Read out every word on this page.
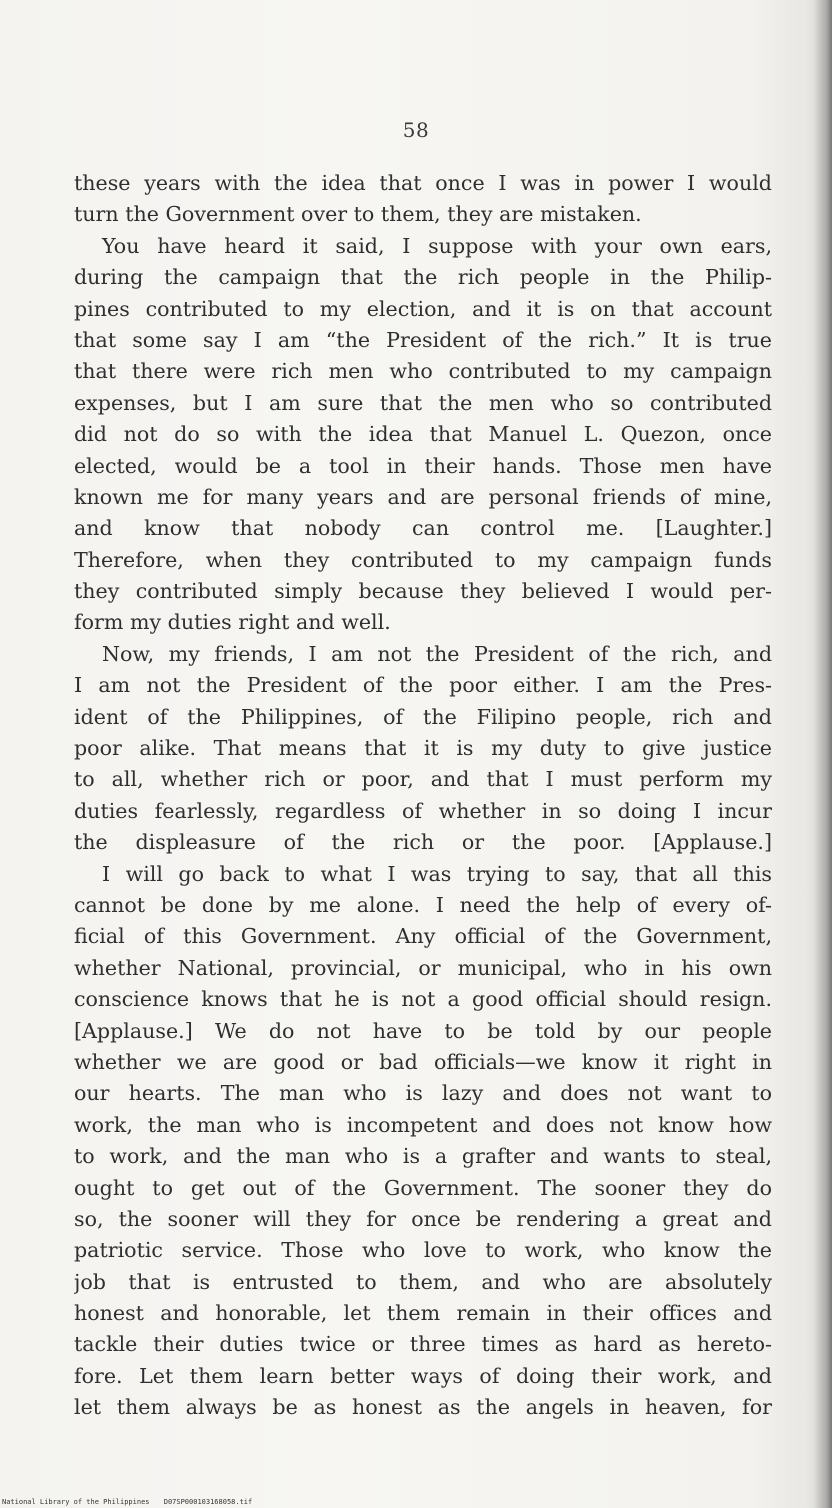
58
these years with the idea that once I was in power I would
turn the Government over to them, they are mistaken.
You have heard it said, I suppose with your own ears,
during the campaign that the rich people in the Philip-
pines contributed to my election, and it is on that account
that some say I am “the President of the rich.” It is true
that there were rich men who contributed to my campaign
expenses, but I am sure that the men who so contributed
did not do so with the idea that Manuel L. Quezon, once
elected, would be a tool in their hands. Those men have
known me for many years and are personal friends of mine,
and know that nobody can control me. [Laughter.]
Therefore, when they contributed to my campaign funds
they contributed simply because they believed I would per-
form my duties right and well.
Now, my friends, I am not the President of the rich, and
I am not the President of the poor either. I am the Pres-
ident of the Philippines, of the Filipino people, rich and
poor alike. That means that it is my duty to give justice
to all, whether rich or poor, and that I must perform my
duties fearlessly, regardless of whether in so doing I incur
the displeasure of the rich or the poor. [Applause.]
I will go back to what I was trying to say, that all this
cannot be done by me alone. I need the help of every of-
ficial of this Government. Any official of the Government,
whether National, provincial, or municipal, who in his own
conscience knows that he is not a good official should resign.
[Applause.] We do not have to be told by our people
whether we are good or bad officials—we know it right in
our hearts. The man who is lazy and does not want to
work, the man who is incompetent and does not know how
to work, and the man who is a grafter and wants to steal,
ought to get out of the Government. The sooner they do
so, the sooner will they for once be rendering a great and
patriotic service. Those who love to work, who know the
job that is entrusted to them, and who are absolutely
honest and honorable, let them remain in their offices and
tackle their duties twice or three times as hard as hereto-
fore. Let them learn better ways of doing their work, and
let them always be as honest as the angels in heaven, for
National Library of the Philippines D07SP000103168058.tif
